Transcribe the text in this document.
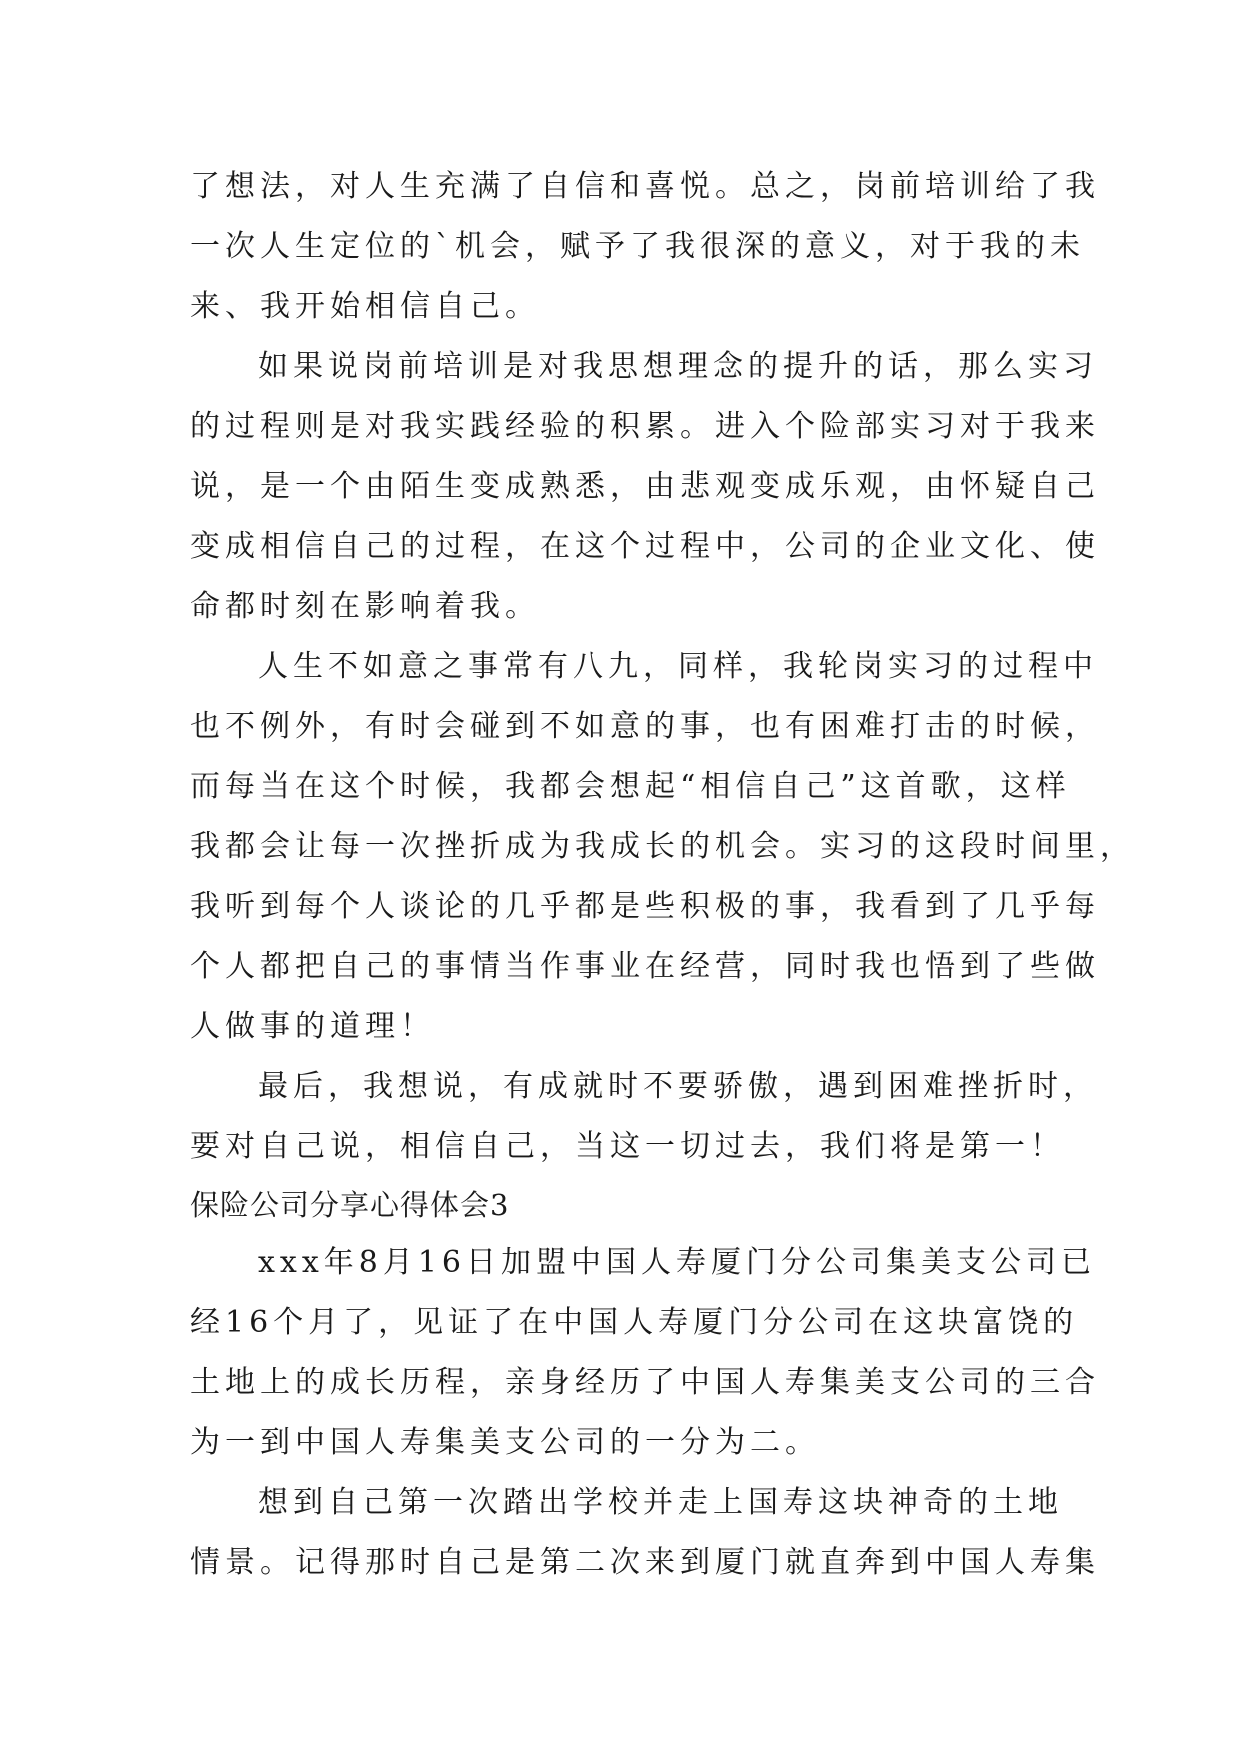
了想法，对人生充满了自信和喜悦。总之，岗前培训给了我
一次人生定位的`机会，赋予了我很深的意义，对于我的未
来、我开始相信自己。
如果说岗前培训是对我思想理念的提升的话，那么实习
的过程则是对我实践经验的积累。进入个险部实习对于我来
说，是一个由陌生变成熟悉，由悲观变成乐观，由怀疑自己
变成相信自己的过程，在这个过程中，公司的企业文化、使
命都时刻在影响着我。
人生不如意之事常有八九，同样，我轮岗实习的过程中
也不例外，有时会碰到不如意的事，也有困难打击的时候，
而每当在这个时候，我都会想起“相信自己”这首歌，这样
我都会让每一次挫折成为我成长的机会。实习的这段时间里，
我听到每个人谈论的几乎都是些积极的事，我看到了几乎每
个人都把自己的事情当作事业在经营，同时我也悟到了些做
人做事的道理！
最后，我想说，有成就时不要骄傲，遇到困难挫折时，
要对自己说，相信自己，当这一切过去，我们将是第一！
保险公司分享心得体会3
xxx年8月16日加盟中国人寿厦门分公司集美支公司已
经16个月了，见证了在中国人寿厦门分公司在这块富饶的
土地上的成长历程，亲身经历了中国人寿集美支公司的三合
为一到中国人寿集美支公司的一分为二。
想到自己第一次踏出学校并走上国寿这块神奇的土地
情景。记得那时自己是第二次来到厦门就直奔到中国人寿集
